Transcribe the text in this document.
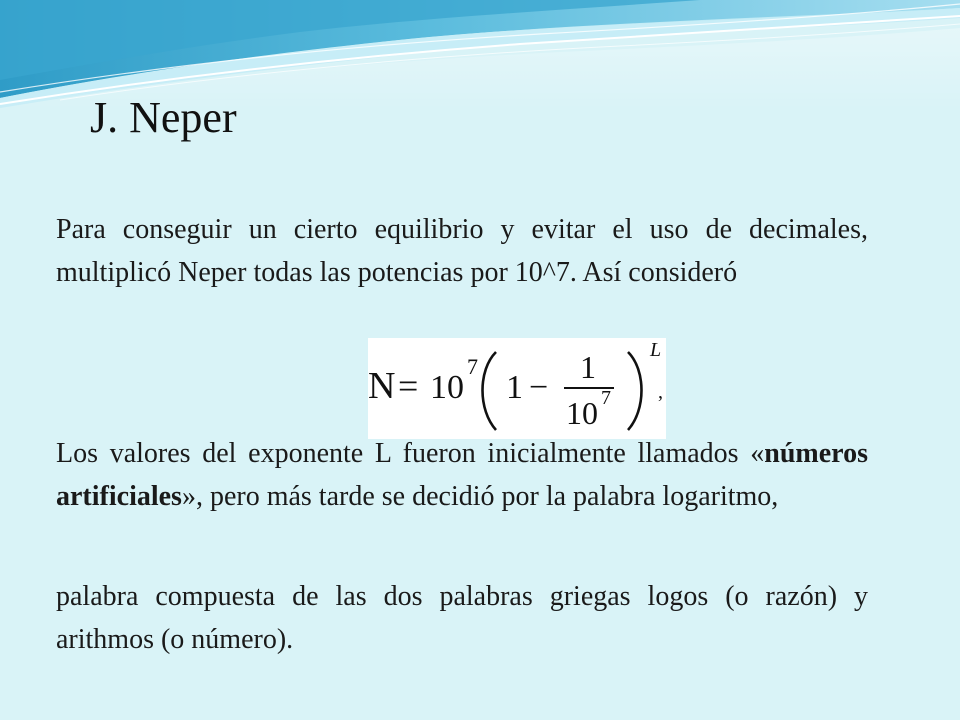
J. Neper
Para conseguir un cierto equilibrio y evitar el uso de decimales, multiplicó Neper todas las potencias por 10^7. Así consideró
N = 10
7
1 −
1
10 7
L
,
Los valores del exponente L fueron inicialmente llamados «números artificiales», pero más tarde se decidió por la palabra logaritmo,
palabra compuesta de las dos palabras griegas logos (o razón) y arithmos (o número).
